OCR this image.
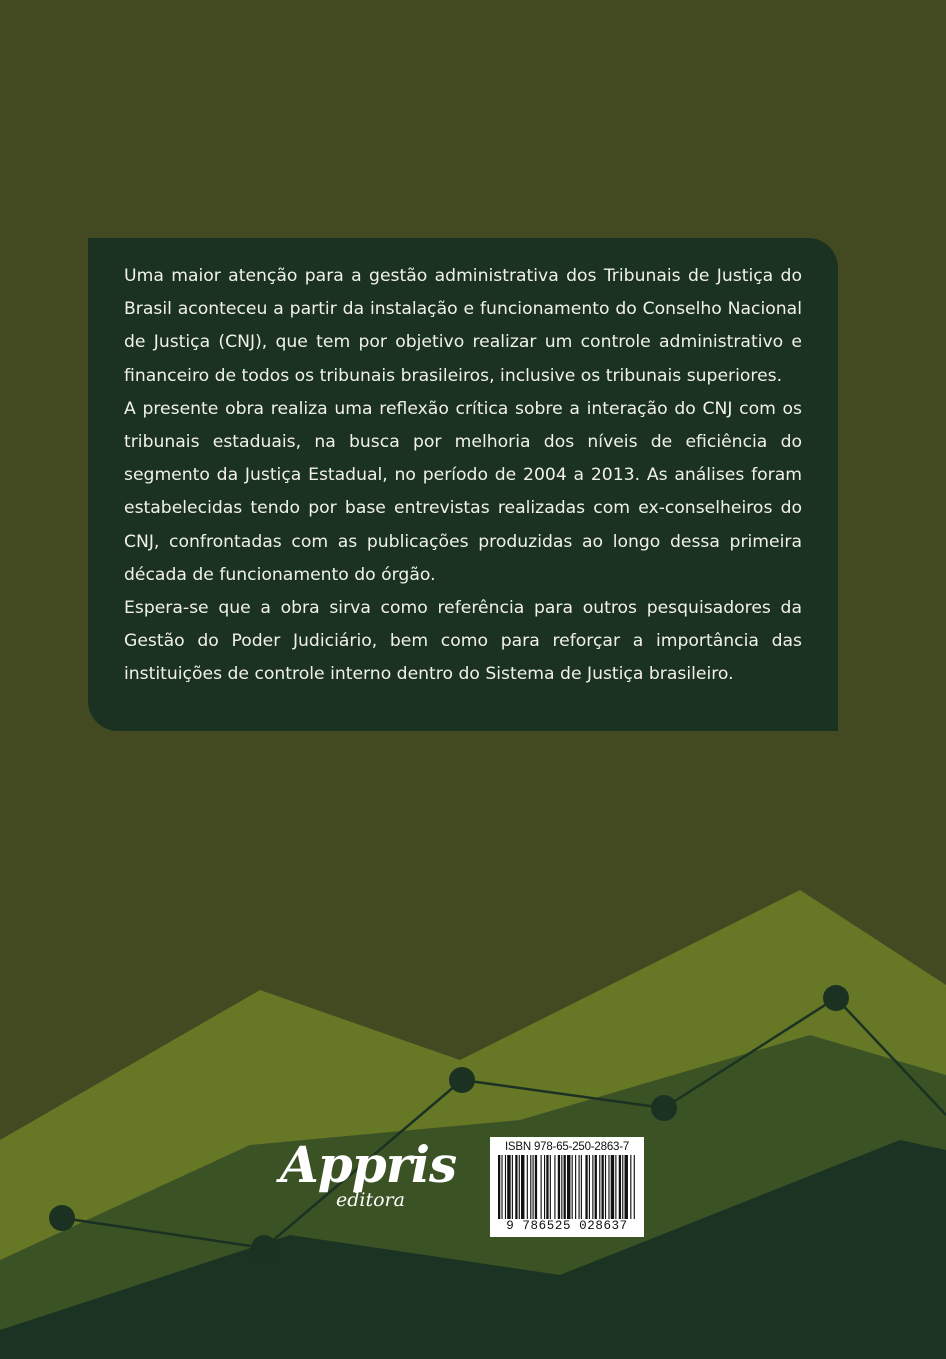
Uma maior atenção para a gestão administrativa dos Tribunais de Justiça do Brasil aconteceu a partir da instalação e funcionamento do Conselho Nacional de Justiça (CNJ), que tem por objetivo realizar um controle administrativo e financeiro de todos os tribunais brasileiros, inclusive os tribunais superiores.

A presente obra realiza uma reflexão crítica sobre a interação do CNJ com os tribunais estaduais, na busca por melhoria dos níveis de eficiência do segmento da Justiça Estadual, no período de 2004 a 2013. As análises foram estabelecidas tendo por base entrevistas realizadas com ex-conselheiros do CNJ, confrontadas com as publicações produzidas ao longo dessa primeira década de funcionamento do órgão.

Espera-se que a obra sirva como referência para outros pesquisadores da Gestão do Poder Judiciário, bem como para reforçar a importância das instituições de controle interno dentro do Sistema de Justiça brasileiro.

Appris
editora
ISBN 978-65-250-2863-7
9 786525 028637
